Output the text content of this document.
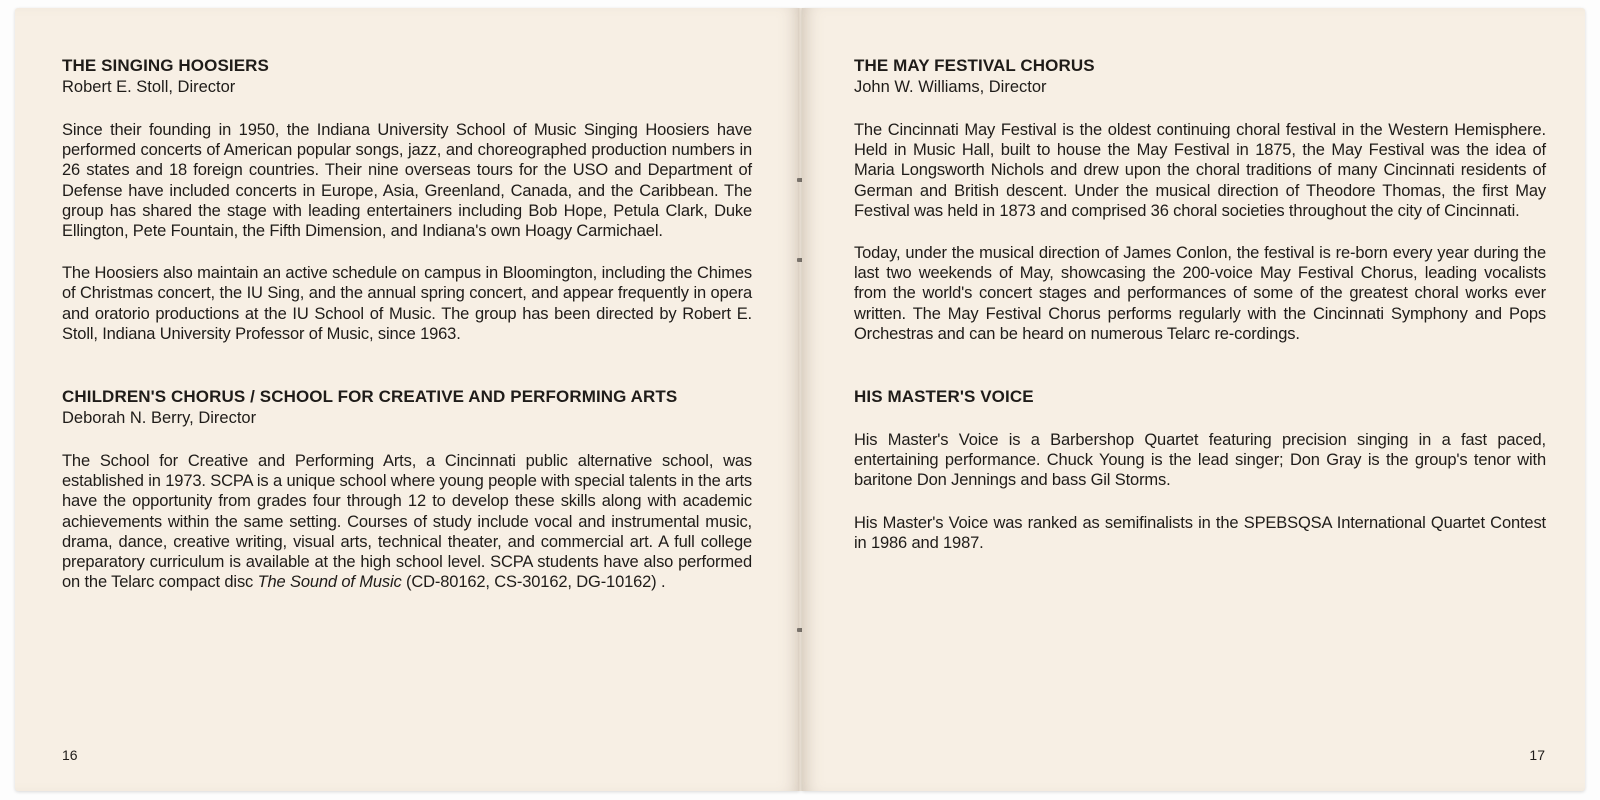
THE SINGING HOOSIERS
Robert E. Stoll, Director

Since their founding in 1950, the Indiana University School of Music Singing Hoosiers have performed concerts of American popular songs, jazz, and choreographed production numbers in 26 states and 18 foreign countries. Their nine overseas tours for the USO and Department of Defense have included concerts in Europe, Asia, Greenland, Canada, and the Caribbean. The group has shared the stage with leading entertainers including Bob Hope, Petula Clark, Duke Ellington, Pete Fountain, the Fifth Dimension, and Indiana's own Hoagy Carmichael.

The Hoosiers also maintain an active schedule on campus in Bloomington, including the Chimes of Christmas concert, the IU Sing, and the annual spring concert, and appear frequently in opera and oratorio productions at the IU School of Music. The group has been directed by Robert E. Stoll, Indiana University Professor of Music, since 1963.

CHILDREN'S CHORUS / SCHOOL FOR CREATIVE AND PERFORMING ARTS
Deborah N. Berry, Director

The School for Creative and Performing Arts, a Cincinnati public alternative school, was established in 1973. SCPA is a unique school where young people with special talents in the arts have the opportunity from grades four through 12 to develop these skills along with academic achievements within the same setting. Courses of study include vocal and instrumental music, drama, dance, creative writing, visual arts, technical theater, and commercial art. A full college preparatory curriculum is available at the high school level. SCPA students have also performed on the Telarc compact disc The Sound of Music (CD-80162, CS-30162, DG-10162) .

16
THE MAY FESTIVAL CHORUS
John W. Williams, Director

The Cincinnati May Festival is the oldest continuing choral festival in the Western Hemisphere. Held in Music Hall, built to house the May Festival in 1875, the May Festival was the idea of Maria Longsworth Nichols and drew upon the choral traditions of many Cincinnati residents of German and British descent. Under the musical direction of Theodore Thomas, the first May Festival was held in 1873 and comprised 36 choral societies throughout the city of Cincinnati.

Today, under the musical direction of James Conlon, the festival is re-born every year during the last two weekends of May, showcasing the 200-voice May Festival Chorus, leading vocalists from the world's concert stages and performances of some of the greatest choral works ever written. The May Festival Chorus performs regularly with the Cincinnati Symphony and Pops Orchestras and can be heard on numerous Telarc re-cordings.

HIS MASTER'S VOICE

His Master's Voice is a Barbershop Quartet featuring precision singing in a fast paced, entertaining performance. Chuck Young is the lead singer; Don Gray is the group's tenor with baritone Don Jennings and bass Gil Storms.

His Master's Voice was ranked as semifinalists in the SPEBSQSA International Quartet Contest in 1986 and 1987.

17
